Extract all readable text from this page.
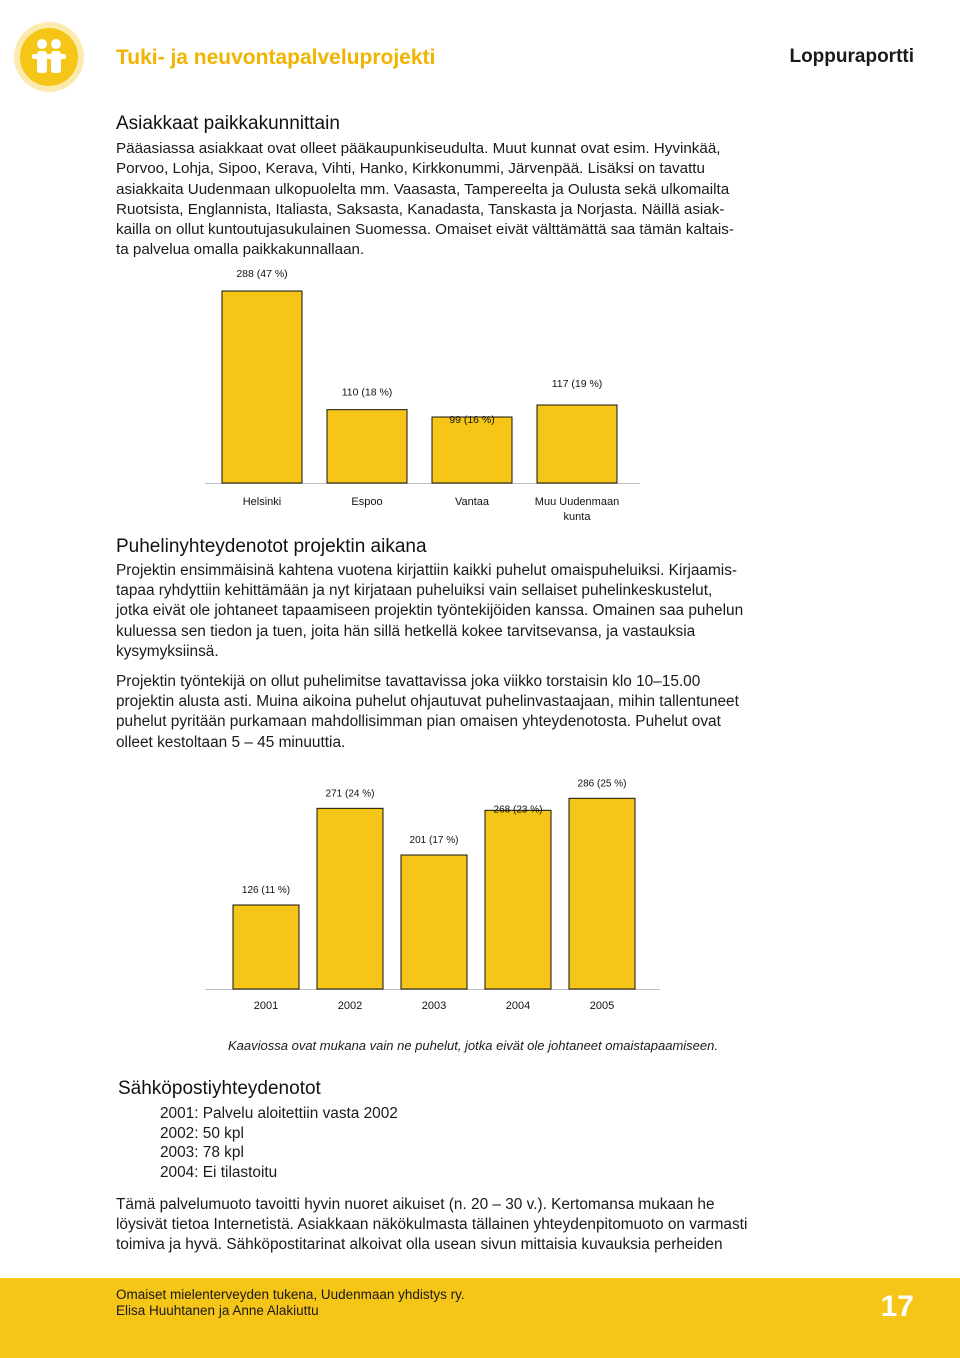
Tuki- ja neuvontapalveluprojekti	Loppuraportti
Asiakkaat paikkakunnittain
Pääasiassa asiakkaat ovat olleet pääkaupunkiseudulta. Muut kunnat ovat esim. Hyvinkää,
Porvoo, Lohja, Sipoo, Kerava, Vihti, Hanko, Kirkkonummi, Järvenpää. Lisäksi on tavattu
asiakkaita Uudenmaan ulkopuolelta mm. Vaasasta, Tampereelta ja Oulusta sekä ulkomailta
Ruotsista, Englannista, Italiasta, Saksasta, Kanadasta, Tanskasta ja Norjasta. Näillä asiak-
kailla on ollut kuntoutujasukulainen Suomessa. Omaiset eivät välttämättä saa tämän kaltais-
ta palvelua omalla paikkakunnallaan.
288 (47 %)
Helsinki
110 (18 %)
Espoo
99 (16 %)
Vantaa
117 (19 %)
Muu Uudenmaan
kunta
Puhelinyhteydenotot projektin aikana
Projektin ensimmäisinä kahtena vuotena kirjattiin kaikki puhelut omaispuheluiksi. Kirjaamis-
tapaa ryhdyttiin kehittämään ja nyt kirjataan puheluiksi vain sellaiset puhelinkeskustelut,
jotka eivät ole johtaneet tapaamiseen projektin työntekijöiden kanssa. Omainen saa puhelun
kuluessa sen tiedon ja tuen, joita hän sillä hetkellä kokee tarvitsevansa, ja vastauksia
kysymyksiinsä.
Projektin työntekijä on ollut puhelimitse tavattavissa joka viikko torstaisin klo 10–15.00
projektin alusta asti. Muina aikoina puhelut ohjautuvat puhelinvastaajaan, mihin tallentuneet
puhelut pyritään purkamaan mahdollisimman pian omaisen yhteydenotosta. Puhelut ovat
olleet kestoltaan 5 – 45 minuuttia.
126 (11 %)
2001
271 (24 %)
2002
201 (17 %)
2003
268 (23 %)
2004
286 (25 %)
2005
Kaaviossa ovat mukana vain ne puhelut, jotka eivät ole johtaneet omaistapaamiseen.
Sähköpostiyhteydenotot
2001: Palvelu aloitettiin vasta 2002
2002: 50 kpl
2003: 78 kpl
2004: Ei tilastoitu
Tämä palvelumuoto tavoitti hyvin nuoret aikuiset (n. 20 – 30 v.). Kertomansa mukaan he
löysivät tietoa Internetistä. Asiakkaan näkökulmasta tällainen yhteydenpitomuoto on varmasti
toimiva ja hyvä. Sähköpostitarinat alkoivat olla usean sivun mittaisia kuvauksia perheiden
Omaiset mielenterveyden tukena, Uudenmaan yhdistys ry.
Elisa Huuhtanen ja Anne Alakiuttu	17
